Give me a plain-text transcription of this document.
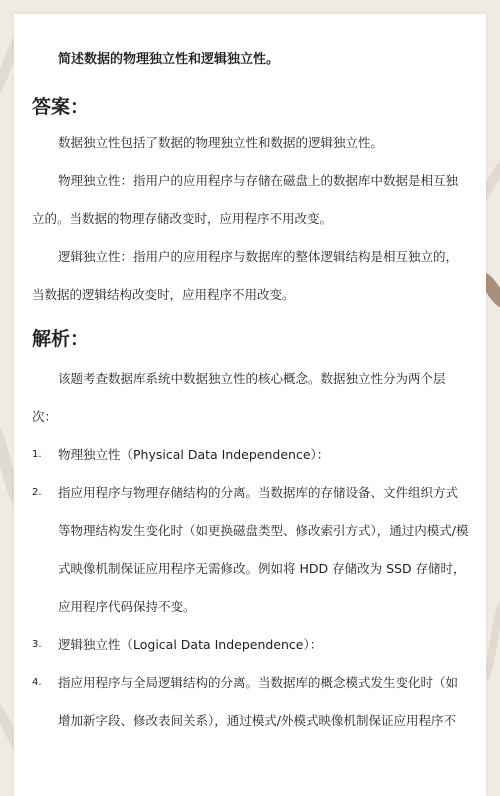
简述数据的物理独立性和逻辑独立性。
答案：

数据独立性包括了数据的物理独立性和数据的逻辑独立性。

物理独立性：指用户的应用程序与存储在磁盘上的数据库中数据是相互独立的。当数据的物理存储改变时，应用程序不用改变。

逻辑独立性：指用户的应用程序与数据库的整体逻辑结构是相互独立的，当数据的逻辑结构改变时，应用程序不用改变。

解析：

该题考查数据库系统中数据独立性的核心概念。数据独立性分为两个层次：

1.	物理独立性（Physical Data Independence）：
2.	指应用程序与物理存储结构的分离。当数据库的存储设备、文件组织方式等物理结构发生变化时（如更换磁盘类型、修改索引方式），通过内模式/模式映像机制保证应用程序无需修改。例如将 HDD 存储改为 SSD 存储时，应用程序代码保持不变。
3.	逻辑独立性（Logical Data Independence）：
4.	指应用程序与全局逻辑结构的分离。当数据库的概念模式发生变化时（如增加新字段、修改表间关系），通过模式/外模式映像机制保证应用程序不
